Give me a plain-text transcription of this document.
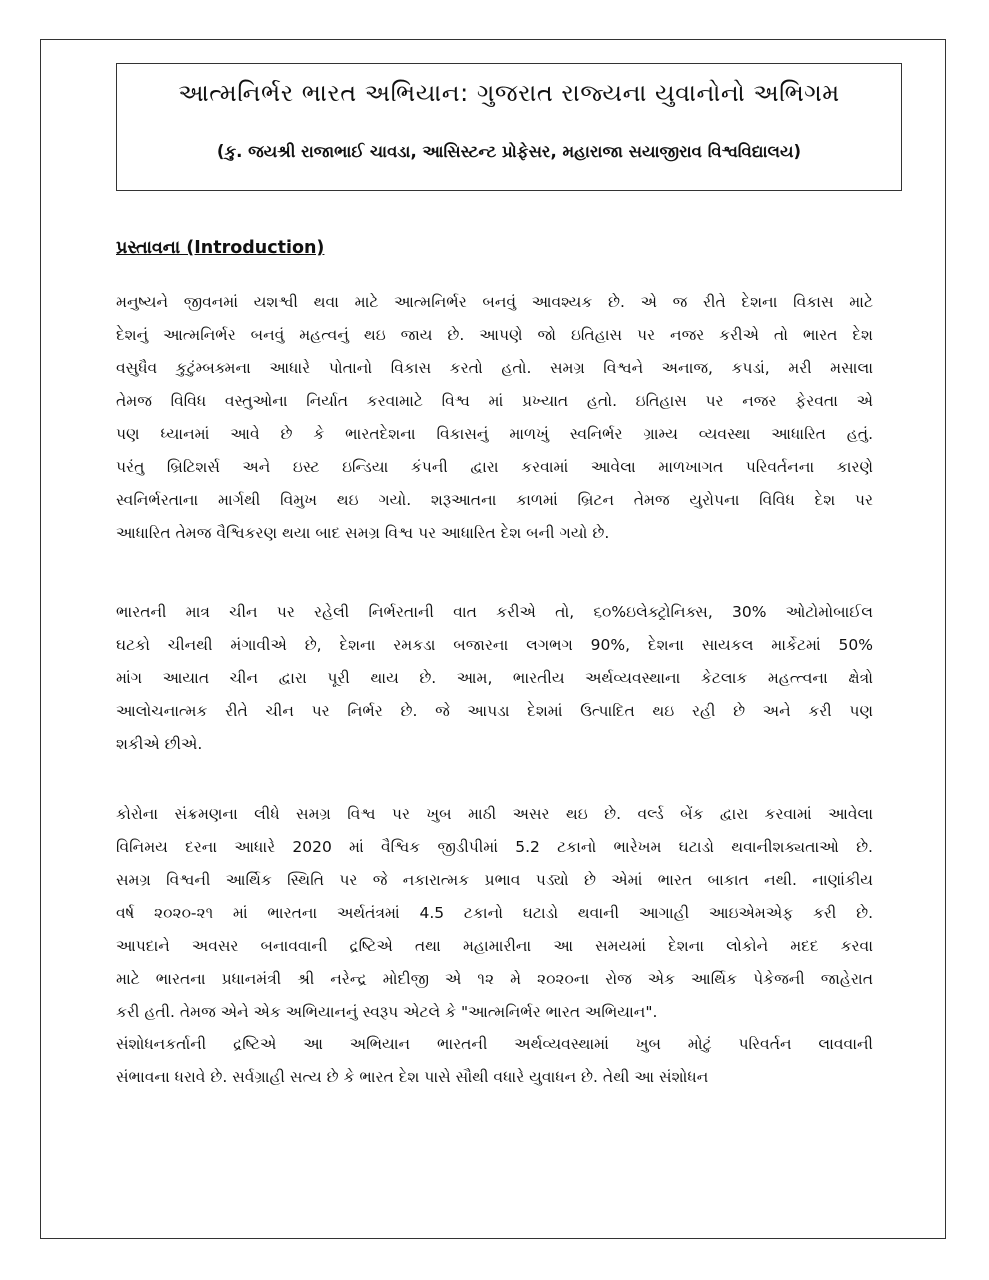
આત્મનિર્ભર ભારત અભિયાન: ગુજરાત રાજ્યના યુવાનોનો અભિગમ
(કુ. જયશ્રી રાજાભાઈ ચાવડા, આસિસ્ટન્ટ પ્રોફેસર, મહારાજા સયાજીરાવ વિશ્વવિદ્યાલય)
પ્રસ્તાવના (Introduction)
મનુષ્યને જીવનમાં યશશ્વી થવા માટે આત્મનિર્ભર બનવું આવશ્યક છે. એ જ રીતે દેશના વિકાસ માટે
દેશનું આત્મનિર્ભર બનવું મહત્વનું થઇ જાય છે. આપણે જો ઇતિહાસ પર નજર કરીએ તો ભારત દેશ
વસુધૈવ કુટુંમ્બક્મના આધારે પોતાનો વિકાસ કરતો હતો. સમગ્ર વિશ્વને અનાજ, કપડાં, મરી મસાલા
તેમજ વિવિધ વસ્તુઓના નિર્યાત કરવામાટે વિશ્વ માં પ્રખ્યાત હતો. ઇતિહાસ પર નજર ફેરવતા એ
પણ ધ્યાનમાં આવે છે કે ભારતદેશના વિકાસનું માળખું સ્વનિર્ભર ગ્રામ્ય વ્યવસ્થા આધારિત હતું.
પરંતુ બ્રિટિશર્સ અને ઇસ્ટ ઇન્ડિયા કંપની દ્વારા કરવામાં આવેલા માળખાગત પરિવર્તનના કારણે
સ્વનિર્ભરતાના માર્ગથી વિમુખ થઇ ગયો. શરૂઆતના કાળમાં બ્રિટન તેમજ યુરોપના વિવિધ દેશ પર
આધારિત તેમજ વૈશ્વિકરણ થયા બાદ સમગ્ર વિશ્વ પર આધારિત દેશ બની ગયો છે.
ભારતની માત્ર ચીન પર રહેલી નિર્ભરતાની વાત કરીએ તો, ૬૦%ઇલેક્ટ્રોનિક્સ, 30% ઓટોમોબાઈલ
ઘટકો ચીનથી મંગાવીએ છે, દેશના રમકડા બજારના લગભગ 90%, દેશના સાયકલ માર્કેટમાં 50%
માંગ આયાત ચીન દ્વારા પૂરી થાય છે. આમ, ભારતીય અર્થવ્યવસ્થાના કેટલાક મહત્ત્વના ક્ષેત્રો
આલોચનાત્મક રીતે ચીન પર નિર્ભર છે. જે આપડા દેશમાં ઉત્પાદિત થઇ રહી છે અને કરી પણ
શકીએ છીએ.
કોરોના સંક્રમણના લીધે સમગ્ર વિશ્વ પર ખુબ માઠી અસર થઇ છે. વર્લ્ડ બેંક દ્વારા કરવામાં આવેલા
વિનિમય દરના આધારે 2020 માં વૈશ્વિક જીડીપીમાં 5.2 ટકાનો ભારેખમ ઘટાડો થવાનીશક્યતાઓ છે.
સમગ્ર વિશ્વની આર્થિક સ્થિતિ પર જે નકારાત્મક પ્રભાવ પડ્યો છે એમાં ભારત બાકાત નથી. નાણાંકીય
વર્ષ ૨૦૨૦-૨૧ માં ભારતના અર્થતંત્રમાં 4.5 ટકાનો ઘટાડો થવાની આગાહી આઇએમએફ કરી છે.
આપદાને અવસર બનાવવાની દ્રષ્ટિએ તથા મહામારીના આ સમયમાં દેશના લોકોને મદદ કરવા
માટે ભારતના પ્રધાનમંત્રી શ્રી નરેન્દ્ર મોદીજી એ ૧૨ મે ૨૦૨૦ના રોજ એક આર્થિક પેકેજની જાહેરાત
કરી હતી. તેમજ એને એક અભિયાનનું સ્વરૂપ એટલે કે "આત્મનિર્ભર ભારત અભિયાન".
સંશોધનકર્તાની દ્રષ્ટિએ આ અભિયાન ભારતની અર્થવ્યવસ્થામાં ખુબ મોટું પરિવર્તન લાવવાની
સંભાવના ધરાવે છે. સર્વગ્રાહી સત્ય છે કે ભારત દેશ પાસે સૌથી વધારે યુવાધન છે. તેથી આ સંશોધન
